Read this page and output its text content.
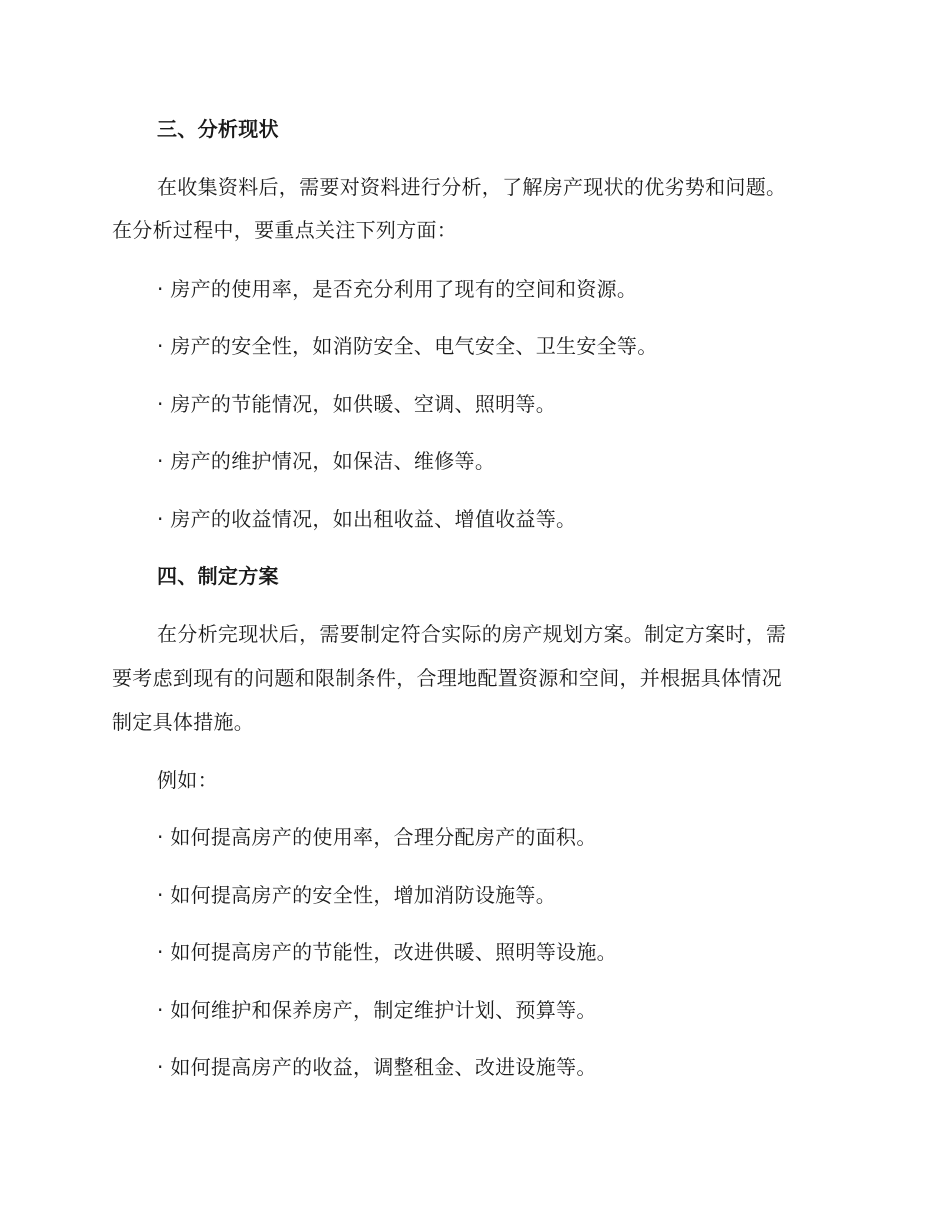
三、分析现状
在收集资料后，需要对资料进行分析，了解房产现状的优劣势和问题。
在分析过程中，要重点关注下列方面：
· 房产的使用率，是否充分利用了现有的空间和资源。
· 房产的安全性，如消防安全、电气安全、卫生安全等。
· 房产的节能情况，如供暖、空调、照明等。
· 房产的维护情况，如保洁、维修等。
· 房产的收益情况，如出租收益、增值收益等。
四、制定方案
在分析完现状后，需要制定符合实际的房产规划方案。制定方案时，需
要考虑到现有的问题和限制条件，合理地配置资源和空间，并根据具体情况
制定具体措施。
例如：
· 如何提高房产的使用率，合理分配房产的面积。
· 如何提高房产的安全性，增加消防设施等。
· 如何提高房产的节能性，改进供暖、照明等设施。
· 如何维护和保养房产，制定维护计划、预算等。
· 如何提高房产的收益，调整租金、改进设施等。
